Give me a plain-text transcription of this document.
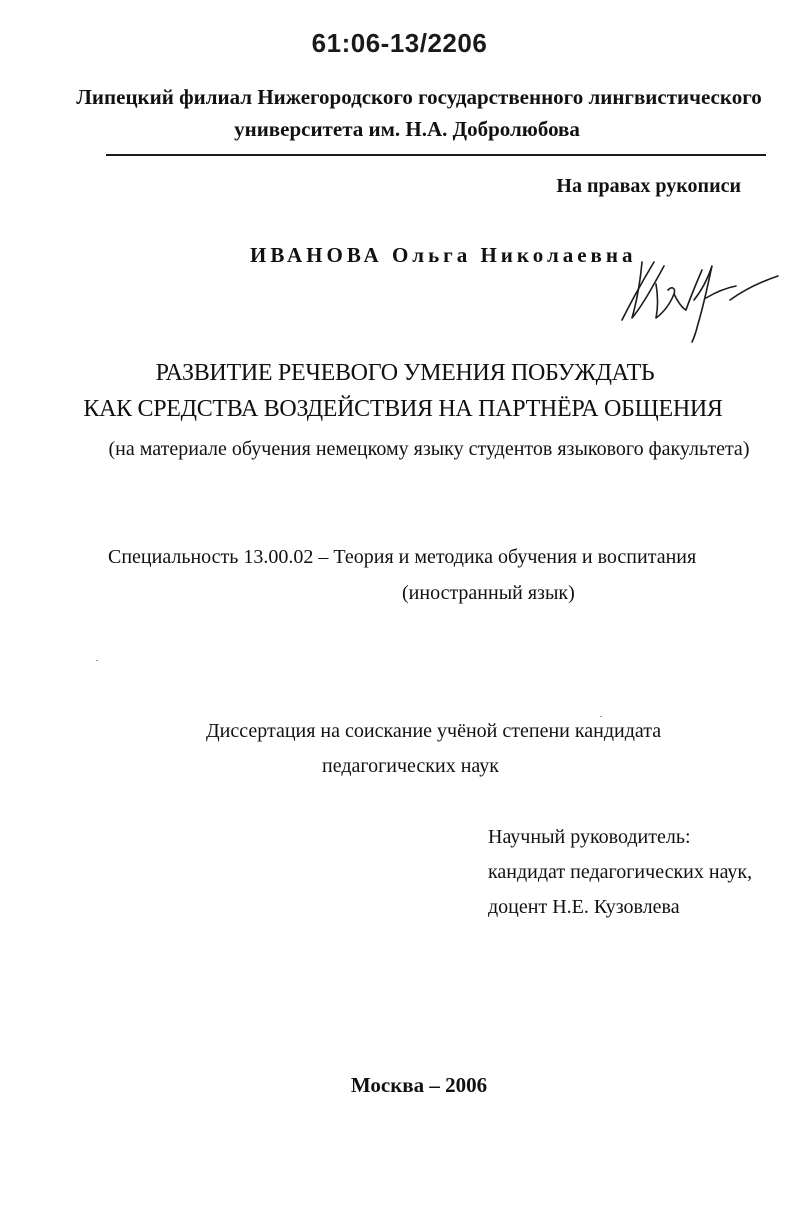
61:06-13/2206
Липецкий филиал Нижегородского государственного лингвистического
университета им. Н.А. Добролюбова
На правах рукописи
ИВАНОВА Ольга Николаевна
РАЗВИТИЕ РЕЧЕВОГО УМЕНИЯ ПОБУЖДАТЬ
КАК СРЕДСТВА ВОЗДЕЙСТВИЯ НА ПАРТНЁРА ОБЩЕНИЯ
(на материале обучения немецкому языку студентов языкового факультета)
Специальность 13.00.02 – Теория и методика обучения и воспитания
(иностранный язык)
Диссертация на соискание учёной степени кандидата
педагогических наук
Научный руководитель:
кандидат педагогических наук,
доцент Н.Е. Кузовлева
Москва – 2006
